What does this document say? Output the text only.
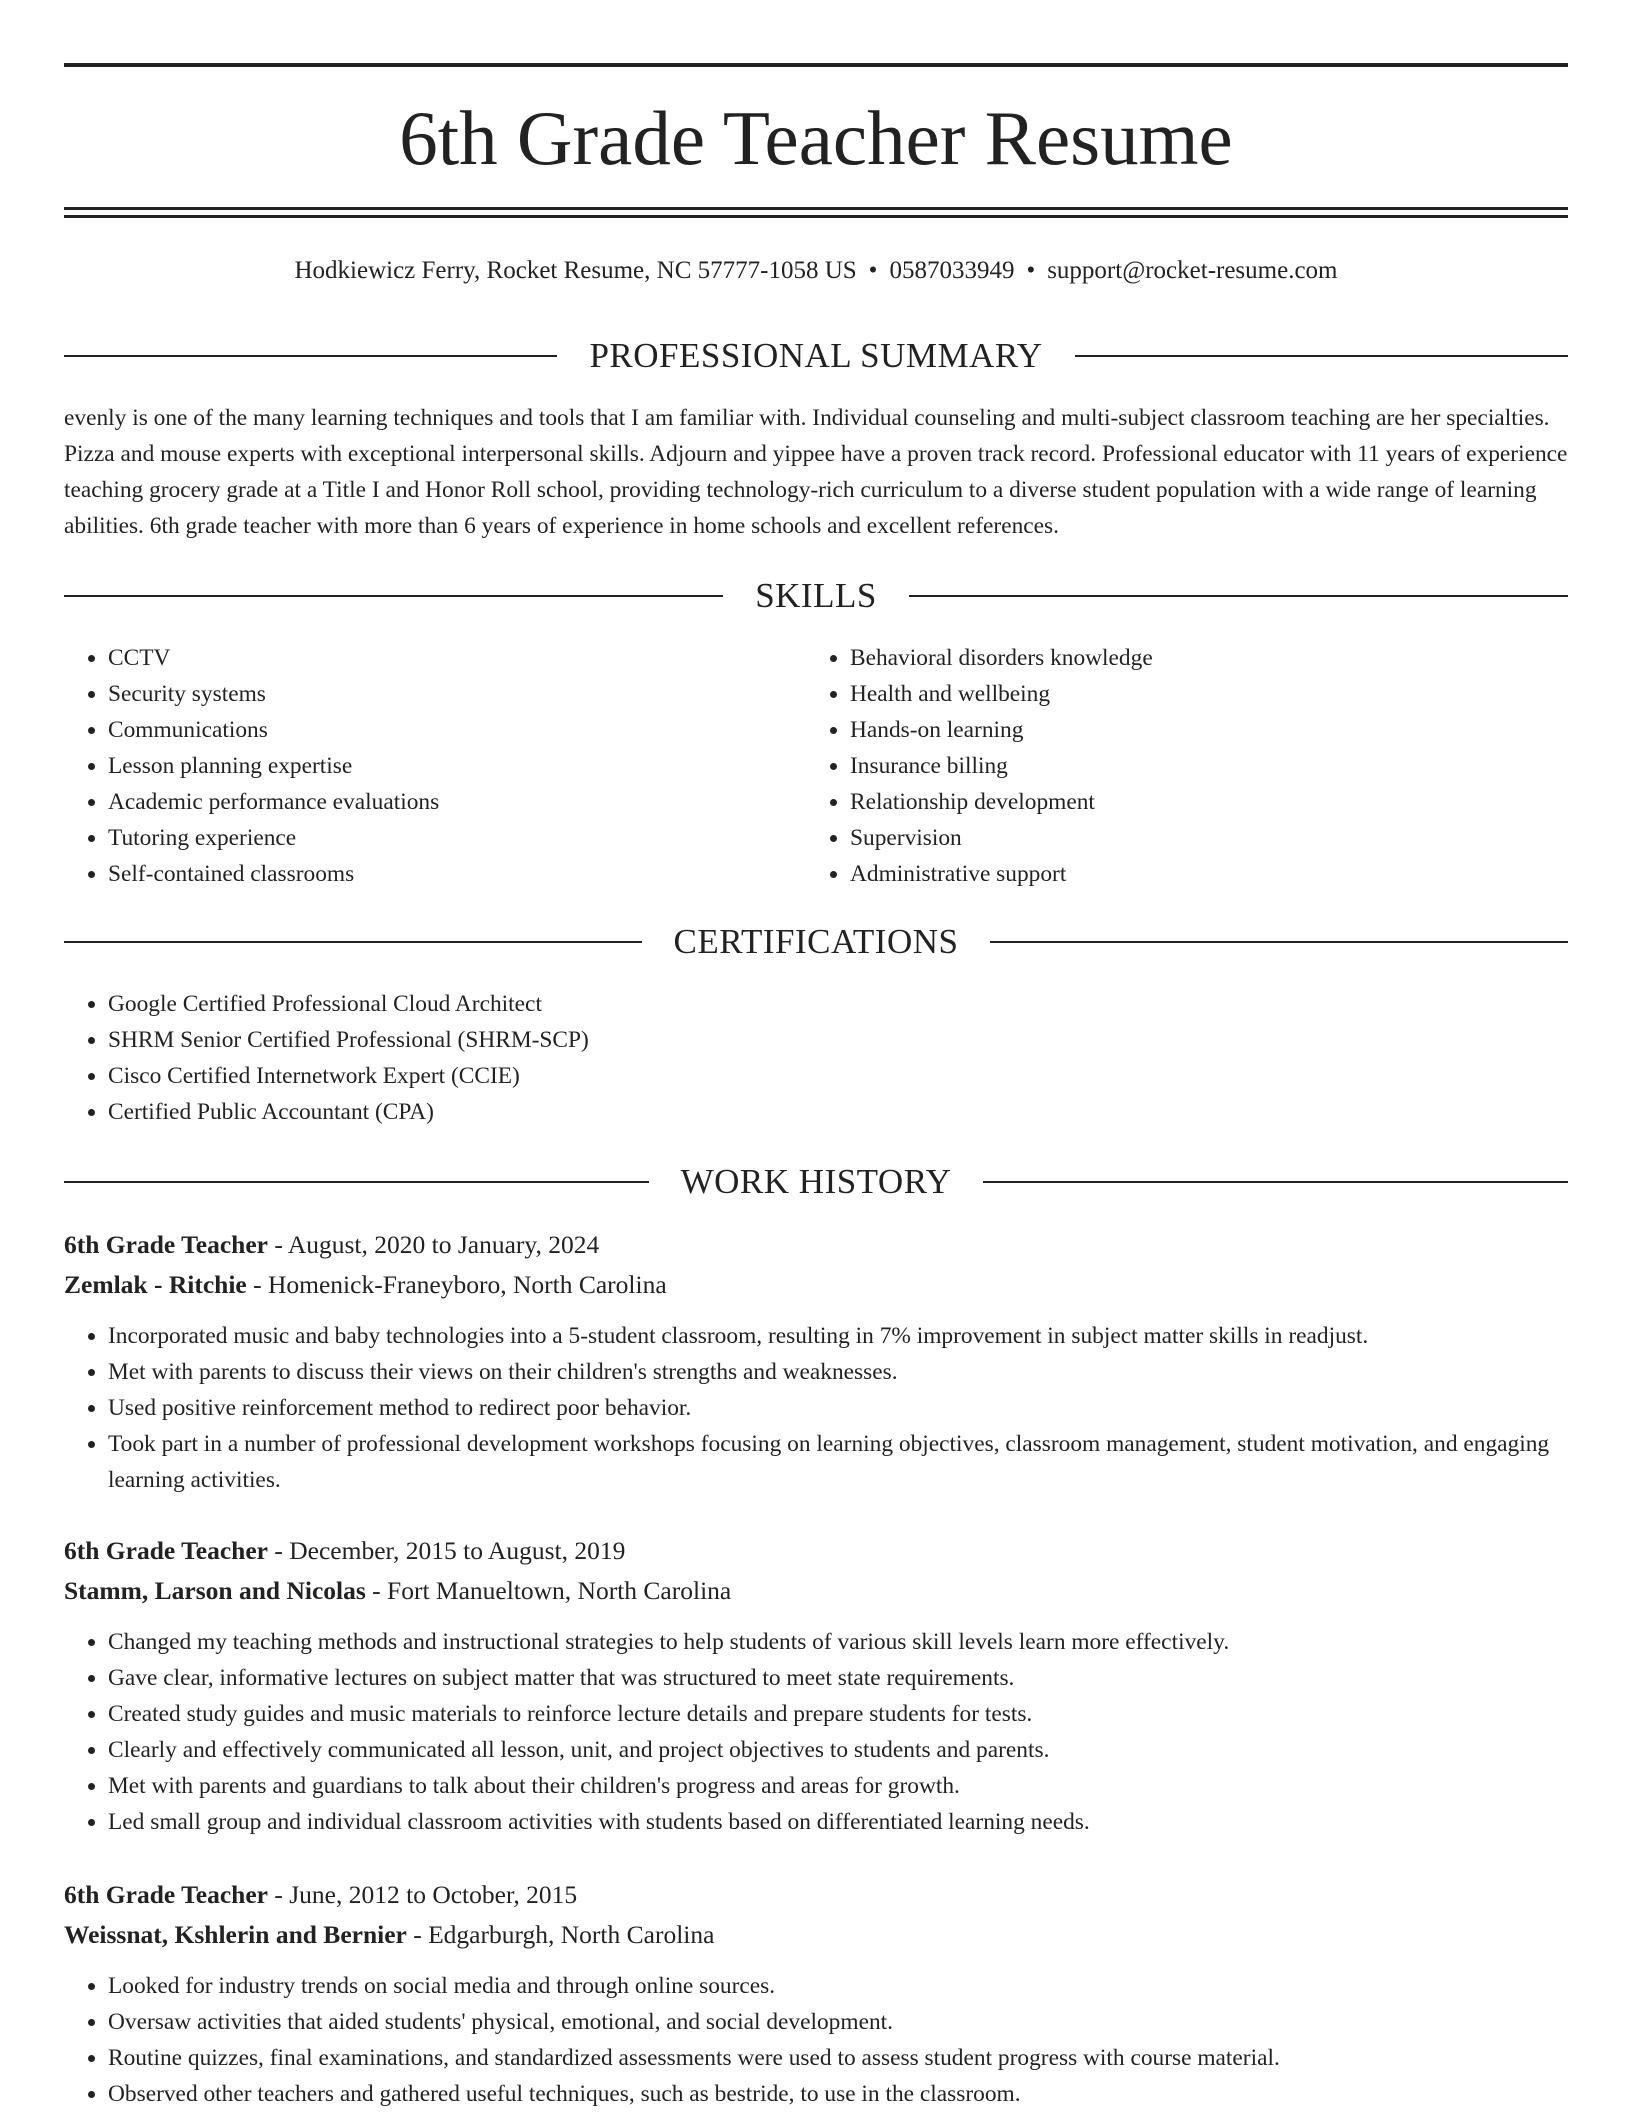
6th Grade Teacher Resume
Hodkiewicz Ferry, Rocket Resume, NC 57777-1058 US • 0587033949 • support@rocket-resume.com
PROFESSIONAL SUMMARY

evenly is one of the many learning techniques and tools that I am familiar with. Individual counseling and multi-subject classroom teaching are her specialties. Pizza and mouse experts with exceptional interpersonal skills. Adjourn and yippee have a proven track record. Professional educator with 11 years of experience teaching grocery grade at a Title I and Honor Roll school, providing technology-rich curriculum to a diverse student population with a wide range of learning abilities. 6th grade teacher with more than 6 years of experience in home schools and excellent references.

SKILLS
• CCTV
• Security systems
• Communications
• Lesson planning expertise
• Academic performance evaluations
• Tutoring experience
• Self-contained classrooms
• Behavioral disorders knowledge
• Health and wellbeing
• Hands-on learning
• Insurance billing
• Relationship development
• Supervision
• Administrative support
CERTIFICATIONS
• Google Certified Professional Cloud Architect
• SHRM Senior Certified Professional (SHRM-SCP)
• Cisco Certified Internetwork Expert (CCIE)
• Certified Public Accountant (CPA)
WORK HISTORY
6th Grade Teacher - August, 2020 to January, 2024
Zemlak - Ritchie - Homenick-Franeyboro, North Carolina
• Incorporated music and baby technologies into a 5-student classroom, resulting in 7% improvement in subject matter skills in readjust.
• Met with parents to discuss their views on their children's strengths and weaknesses.
• Used positive reinforcement method to redirect poor behavior.
• Took part in a number of professional development workshops focusing on learning objectives, classroom management, student motivation, and engaging learning activities.
6th Grade Teacher - December, 2015 to August, 2019
Stamm, Larson and Nicolas - Fort Manueltown, North Carolina
• Changed my teaching methods and instructional strategies to help students of various skill levels learn more effectively.
• Gave clear, informative lectures on subject matter that was structured to meet state requirements.
• Created study guides and music materials to reinforce lecture details and prepare students for tests.
• Clearly and effectively communicated all lesson, unit, and project objectives to students and parents.
• Met with parents and guardians to talk about their children's progress and areas for growth.
• Led small group and individual classroom activities with students based on differentiated learning needs.
6th Grade Teacher - June, 2012 to October, 2015
Weissnat, Kshlerin and Bernier - Edgarburgh, North Carolina
• Looked for industry trends on social media and through online sources.
• Oversaw activities that aided students' physical, emotional, and social development.
• Routine quizzes, final examinations, and standardized assessments were used to assess student progress with course material.
• Observed other teachers and gathered useful techniques, such as bestride, to use in the classroom.
